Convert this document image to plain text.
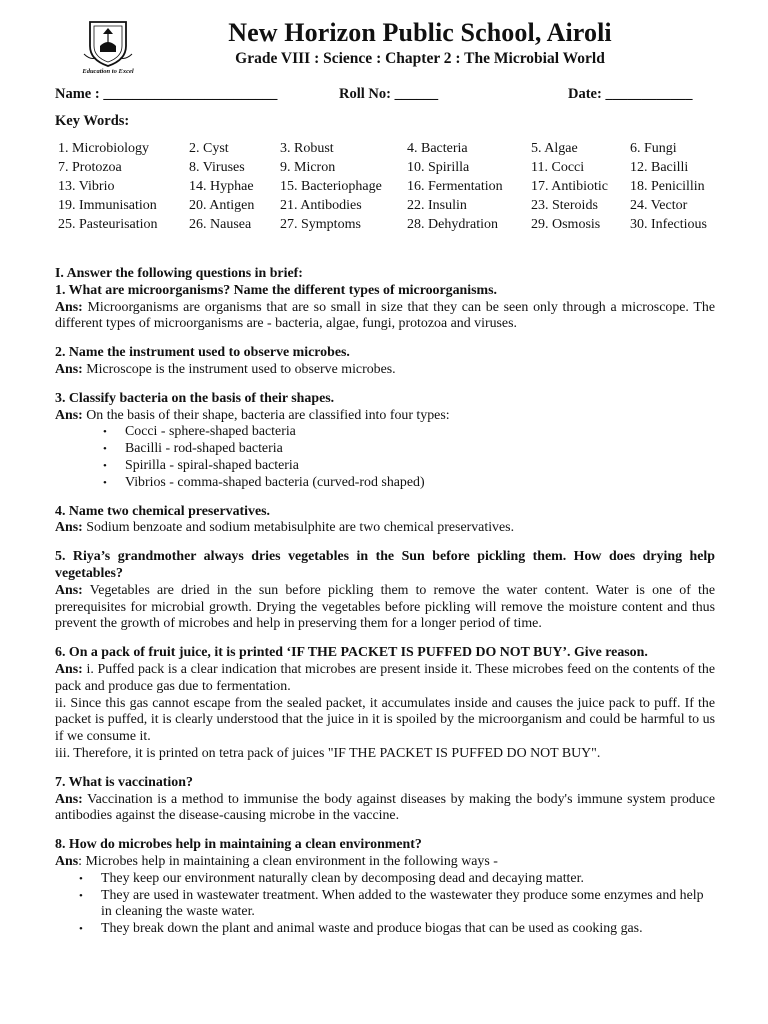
Education to Excel
New Horizon Public School, Airoli
Grade VIII : Science : Chapter 2 : The Microbial World
Name : ________________________	Roll No: ______	Date: ____________
Key Words:
1. Microbiology	2. Cyst	3. Robust	4. Bacteria	5. Algae	6. Fungi
7. Protozoa	8. Viruses	9. Micron	10. Spirilla	11. Cocci	12. Bacilli
13. Vibrio	14. Hyphae 15. Bacteriophage 16. Fermentation 17. Antibiotic 18. Penicillin
19. Immunisation 20. Antigen 21. Antibodies	22. Insulin	23. Steroids 24. Vector
25. Pasteurisation 26. Nausea 27. Symptoms	28. Dehydration 29. Osmosis 30. Infectious

I. Answer the following questions in brief:

1. What are microorganisms? Name the different types of microorganisms.

Ans: Microorganisms are organisms that are so small in size that they can be seen only through a microscope. The different types of microorganisms are - bacteria, algae, fungi, protozoa and viruses.

2. Name the instrument used to observe microbes.

Ans: Microscope is the instrument used to observe microbes.

3. Classify bacteria on the basis of their shapes.

Ans: On the basis of their shape, bacteria are classified into four types:

• Cocci - sphere-shaped bacteria
• Bacilli - rod-shaped bacteria
• Spirilla - spiral-shaped bacteria
• Vibrios - comma-shaped bacteria (curved-rod shaped)

4. Name two chemical preservatives.

Ans: Sodium benzoate and sodium metabisulphite are two chemical preservatives.

5. Riya’s grandmother always dries vegetables in the Sun before pickling them. How does drying help vegetables?

Ans: Vegetables are dried in the sun before pickling them to remove the water content. Water is one of the prerequisites for microbial growth. Drying the vegetables before pickling will remove the moisture content and thus prevent the growth of microbes and help in preserving them for a longer period of time.

6. On a pack of fruit juice, it is printed ‘IF THE PACKET IS PUFFED DO NOT BUY’. Give reason.

Ans: i. Puffed pack is a clear indication that microbes are present inside it. These microbes feed on the contents of the pack and produce gas due to fermentation.

ii. Since this gas cannot escape from the sealed packet, it accumulates inside and causes the juice pack to puff. If the packet is puffed, it is clearly understood that the juice in it is spoiled by the microorganism and could be harmful to us if we consume it.

iii. Therefore, it is printed on tetra pack of juices "IF THE PACKET IS PUFFED DO NOT BUY".

7. What is vaccination?

Ans: Vaccination is a method to immunise the body against diseases by making the body's immune system produce antibodies against the disease-causing microbe in the vaccine.

8. How do microbes help in maintaining a clean environment?

Ans: Microbes help in maintaining a clean environment in the following ways -

• They keep our environment naturally clean by decomposing dead and decaying matter.
• They are used in wastewater treatment. When added to the wastewater they produce some enzymes and help in cleaning the waste water.
• They break down the plant and animal waste and produce biogas that can be used as cooking gas.
